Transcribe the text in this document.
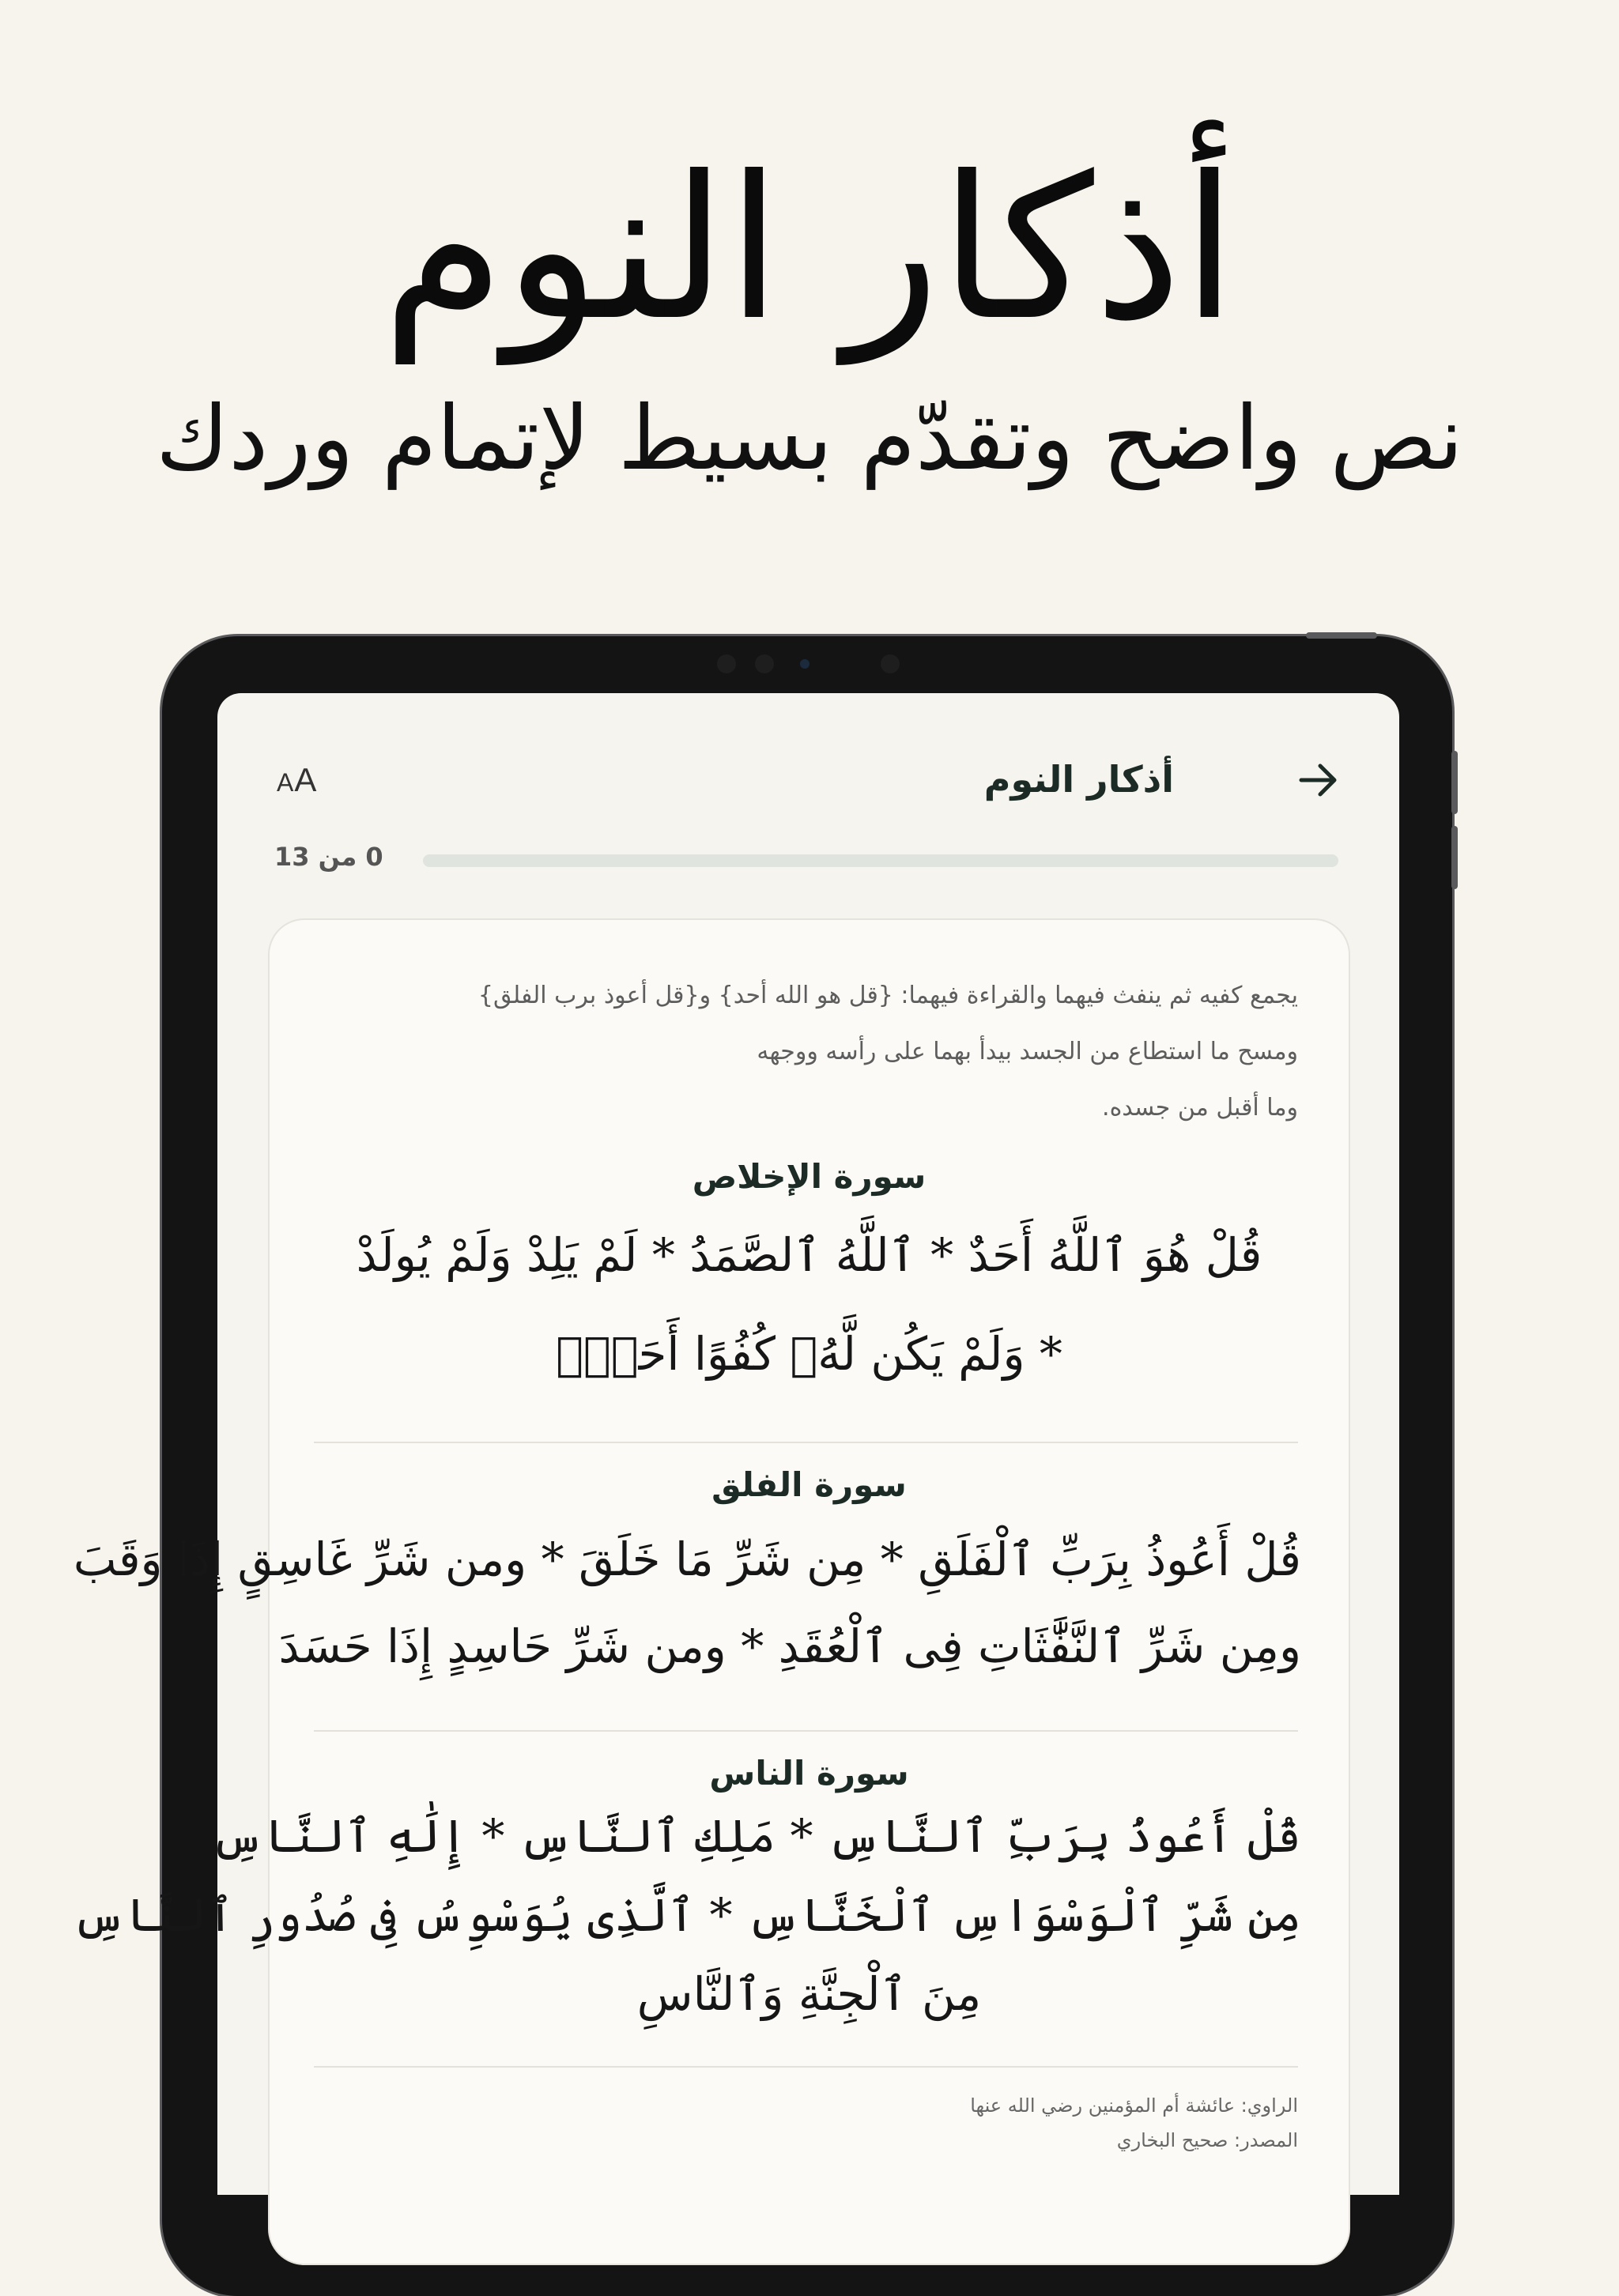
أذكار النوم
نص واضح وتقدّم بسيط لإتمام وردك
أذكار النوم
AA
0 من 13
يجمع كفيه ثم ينفث فيهما والقراءة فيهما: {قل هو الله أحد} و{قل أعوذ برب الفلق}
ومسح ما استطاع من الجسد بيدأ بهما على رأسه ووجهه
وما أقبل من جسده.
سورة الإخلاص
قُلْ هُوَ ٱللَّهُ أَحَدٌ * ٱللَّهُ ٱلصَّمَدُ * لَمْ يَلِدْ وَلَمْ يُولَدْ
* وَلَمْ يَكُن لَّهُۥ كُفُوًا أَحَدٌۢ
سورة الفلق
قُلْ أَعُوذُ بِرَبِّ ٱلْفَلَقِ * مِن شَرِّ مَا خَلَقَ * ومن شَرِّ غَاسِقٍ إِذَا وَقَبَ
ومِن شَرِّ ٱلنَّفَّٰثَاتِ فِى ٱلْعُقَدِ * ومن شَرِّ حَاسِدٍ إِذَا حَسَدَ
سورة الناس
قُلْ أَعُوذُ بِرَبِّ ٱلنَّاسِ * مَلِكِ ٱلنَّاسِ * إِلَٰهِ ٱلنَّاسِ
مِن شَرِّ ٱلْوَسْوَاسِ ٱلْخَنَّاسِ * ٱلَّذِى يُوَسْوِسُ فِى صُدُورِ ٱلنَّاسِ
مِنَ ٱلْجِنَّةِ وَٱلنَّاسِ
الراوي: عائشة أم المؤمنين رضي الله عنها
المصدر: صحيح البخاري
